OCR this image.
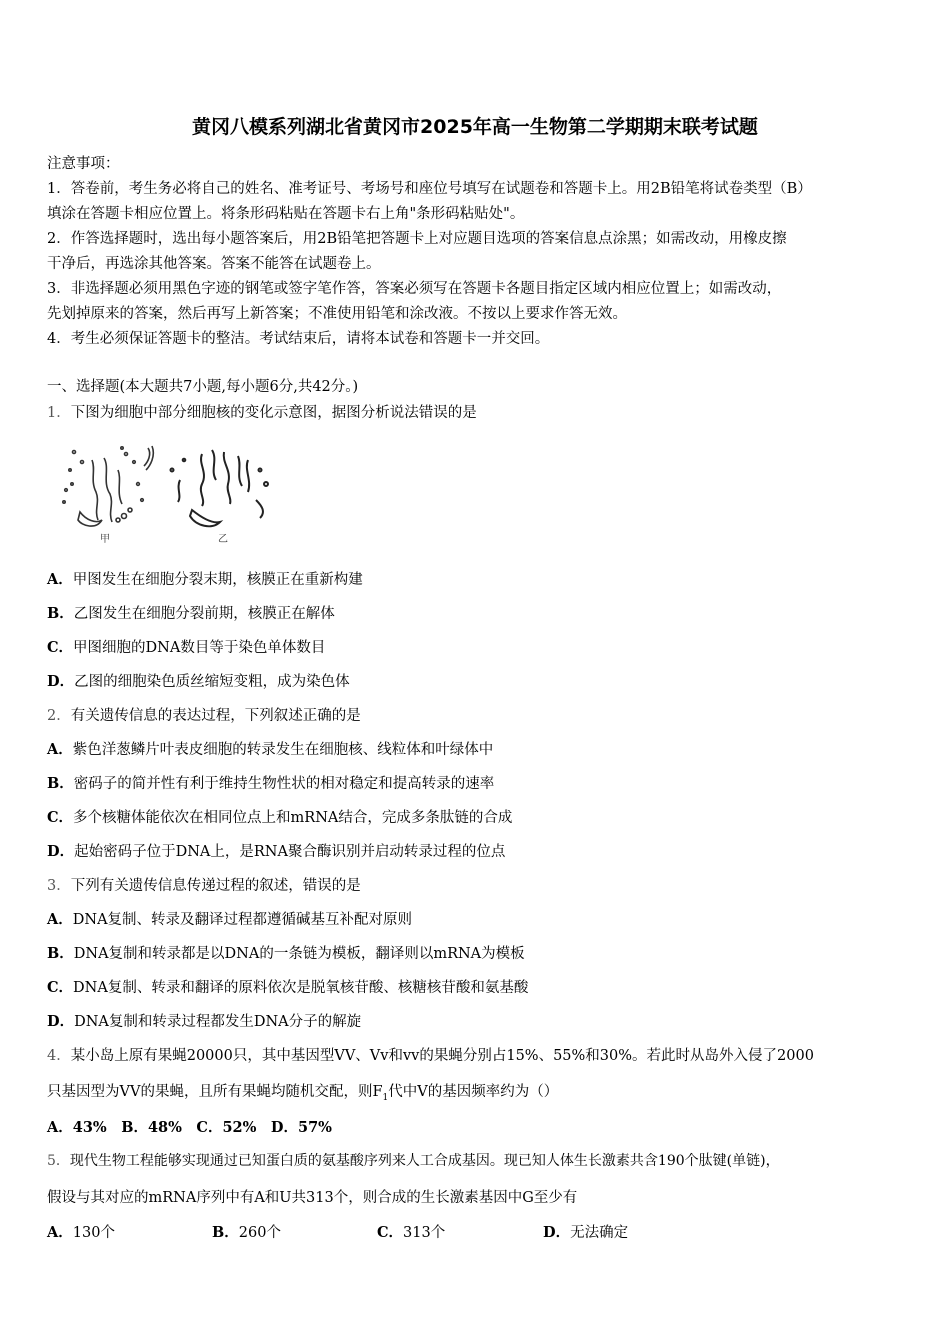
黄冈八模系列湖北省黄冈市2025年高一生物第二学期期末联考试题

注意事项：

1．答卷前，考生务必将自己的姓名、准考证号、考场号和座位号填写在试题卷和答题卡上。用2B铅笔将试卷类型（B）

填涂在答题卡相应位置上。将条形码粘贴在答题卡右上角"条形码粘贴处"。

2．作答选择题时，选出每小题答案后，用2B铅笔把答题卡上对应题目选项的答案信息点涂黑；如需改动，用橡皮擦

干净后，再选涂其他答案。答案不能答在试题卷上。

3．非选择题必须用黑色字迹的钢笔或签字笔作答，答案必须写在答题卡各题目指定区域内相应位置上；如需改动，

先划掉原来的答案，然后再写上新答案；不准使用铅笔和涂改液。不按以上要求作答无效。

4．考生必须保证答题卡的整洁。考试结束后，请将本试卷和答题卡一并交回。

一、选择题(本大题共7小题,每小题6分,共42分。)
1．下图为细胞中部分细胞核的变化示意图，据图分析说法错误的是
甲	乙
A．甲图发生在细胞分裂末期，核膜正在重新构建
B．乙图发生在细胞分裂前期，核膜正在解体
C．甲图细胞的DNA数目等于染色单体数目
D．乙图的细胞染色质丝缩短变粗，成为染色体
2．有关遗传信息的表达过程，下列叙述正确的是
A．紫色洋葱鳞片叶表皮细胞的转录发生在细胞核、线粒体和叶绿体中
B．密码子的简并性有利于维持生物性状的相对稳定和提高转录的速率
C．多个核糖体能依次在相同位点上和mRNA结合，完成多条肽链的合成
D．起始密码子位于DNA上，是RNA聚合酶识别并启动转录过程的位点
3．下列有关遗传信息传递过程的叙述，错误的是
A．DNA复制、转录及翻译过程都遵循碱基互补配对原则
B．DNA复制和转录都是以DNA的一条链为模板，翻译则以mRNA为模板
C．DNA复制、转录和翻译的原料依次是脱氧核苷酸、核糖核苷酸和氨基酸
D．DNA复制和转录过程都发生DNA分子的解旋
4．某小岛上原有果蝇20000只，其中基因型VV、Vv和vv的果蝇分别占15%、55%和30%。若此时从岛外入侵了2000
只基因型为VV的果蝇，且所有果蝇均随机交配，则$F_1$代中V的基因频率约为（）
A．43%　B．48%　C．52%　D．57%
5．现代生物工程能够实现通过已知蛋白质的氨基酸序列来人工合成基因。现已知人体生长激素共含190个肽键(单链)，
假设与其对应的mRNA序列中有A和U共313个，则合成的生长激素基因中G至少有
A．130个	B．260个	C．313个	D．无法确定
